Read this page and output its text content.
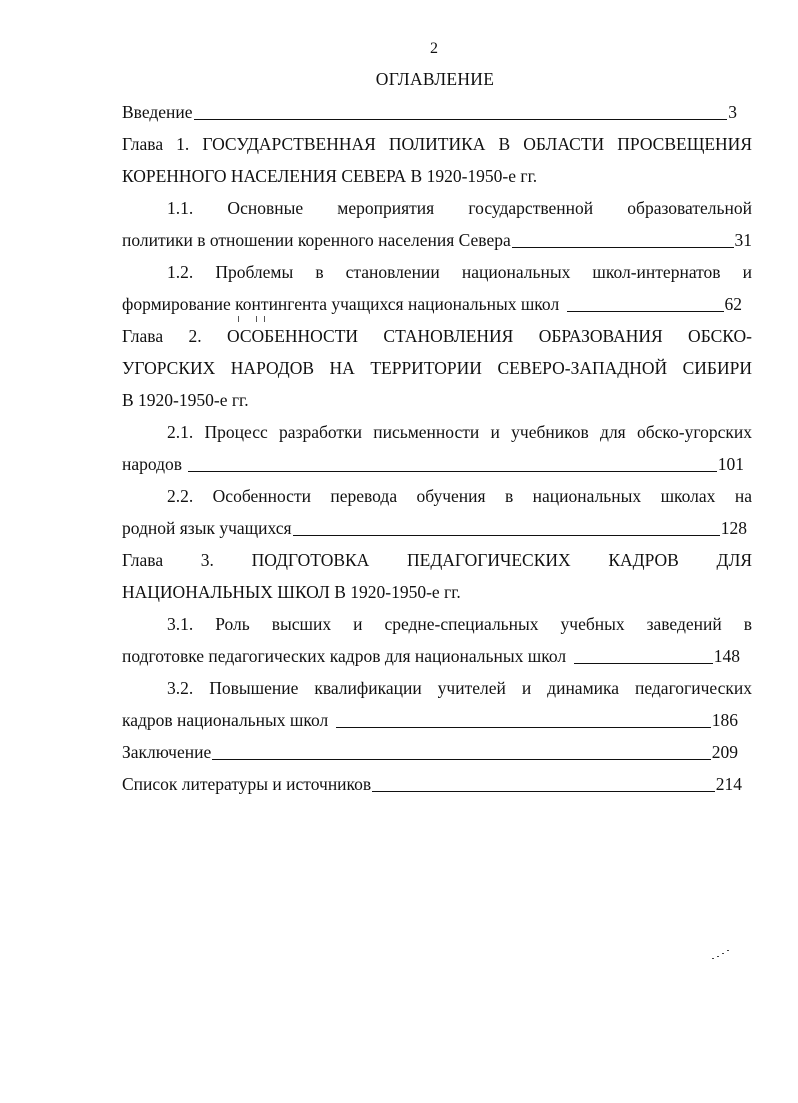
2
ОГЛАВЛЕНИЕ
Введение	3
Глава 1. ГОСУДАРСТВЕННАЯ ПОЛИТИКА В ОБЛАСТИ ПРОСВЕЩЕНИЯ
КОРЕННОГО НАСЕЛЕНИЯ СЕВЕРА В 1920-1950-е гг.
1.1. Основные мероприятия государственной образовательной
политики в отношении коренного населения Севера	31
1.2. Проблемы в становлении национальных школ-интернатов и
формирование контингента учащихся национальных школ	62
Глава 2. ОСОБЕННОСТИ СТАНОВЛЕНИЯ ОБРАЗОВАНИЯ ОБСКО-
УГОРСКИХ НАРОДОВ НА ТЕРРИТОРИИ СЕВЕРО-ЗАПАДНОЙ СИБИРИ
В 1920-1950-е гг.
2.1. Процесс разработки письменности и учебников для обско-угорских
народов	101
2.2. Особенности перевода обучения в национальных школах на
родной язык учащихся	128
Глава 3. ПОДГОТОВКА ПЕДАГОГИЧЕСКИХ КАДРОВ ДЛЯ
НАЦИОНАЛЬНЫХ ШКОЛ В 1920-1950-е гг.
3.1. Роль высших и средне-специальных учебных заведений в
подготовке педагогических кадров для национальных школ	148
3.2. Повышение квалификации учителей и динамика педагогических
кадров национальных школ	186
Заключение	209
Список литературы и источников	214
